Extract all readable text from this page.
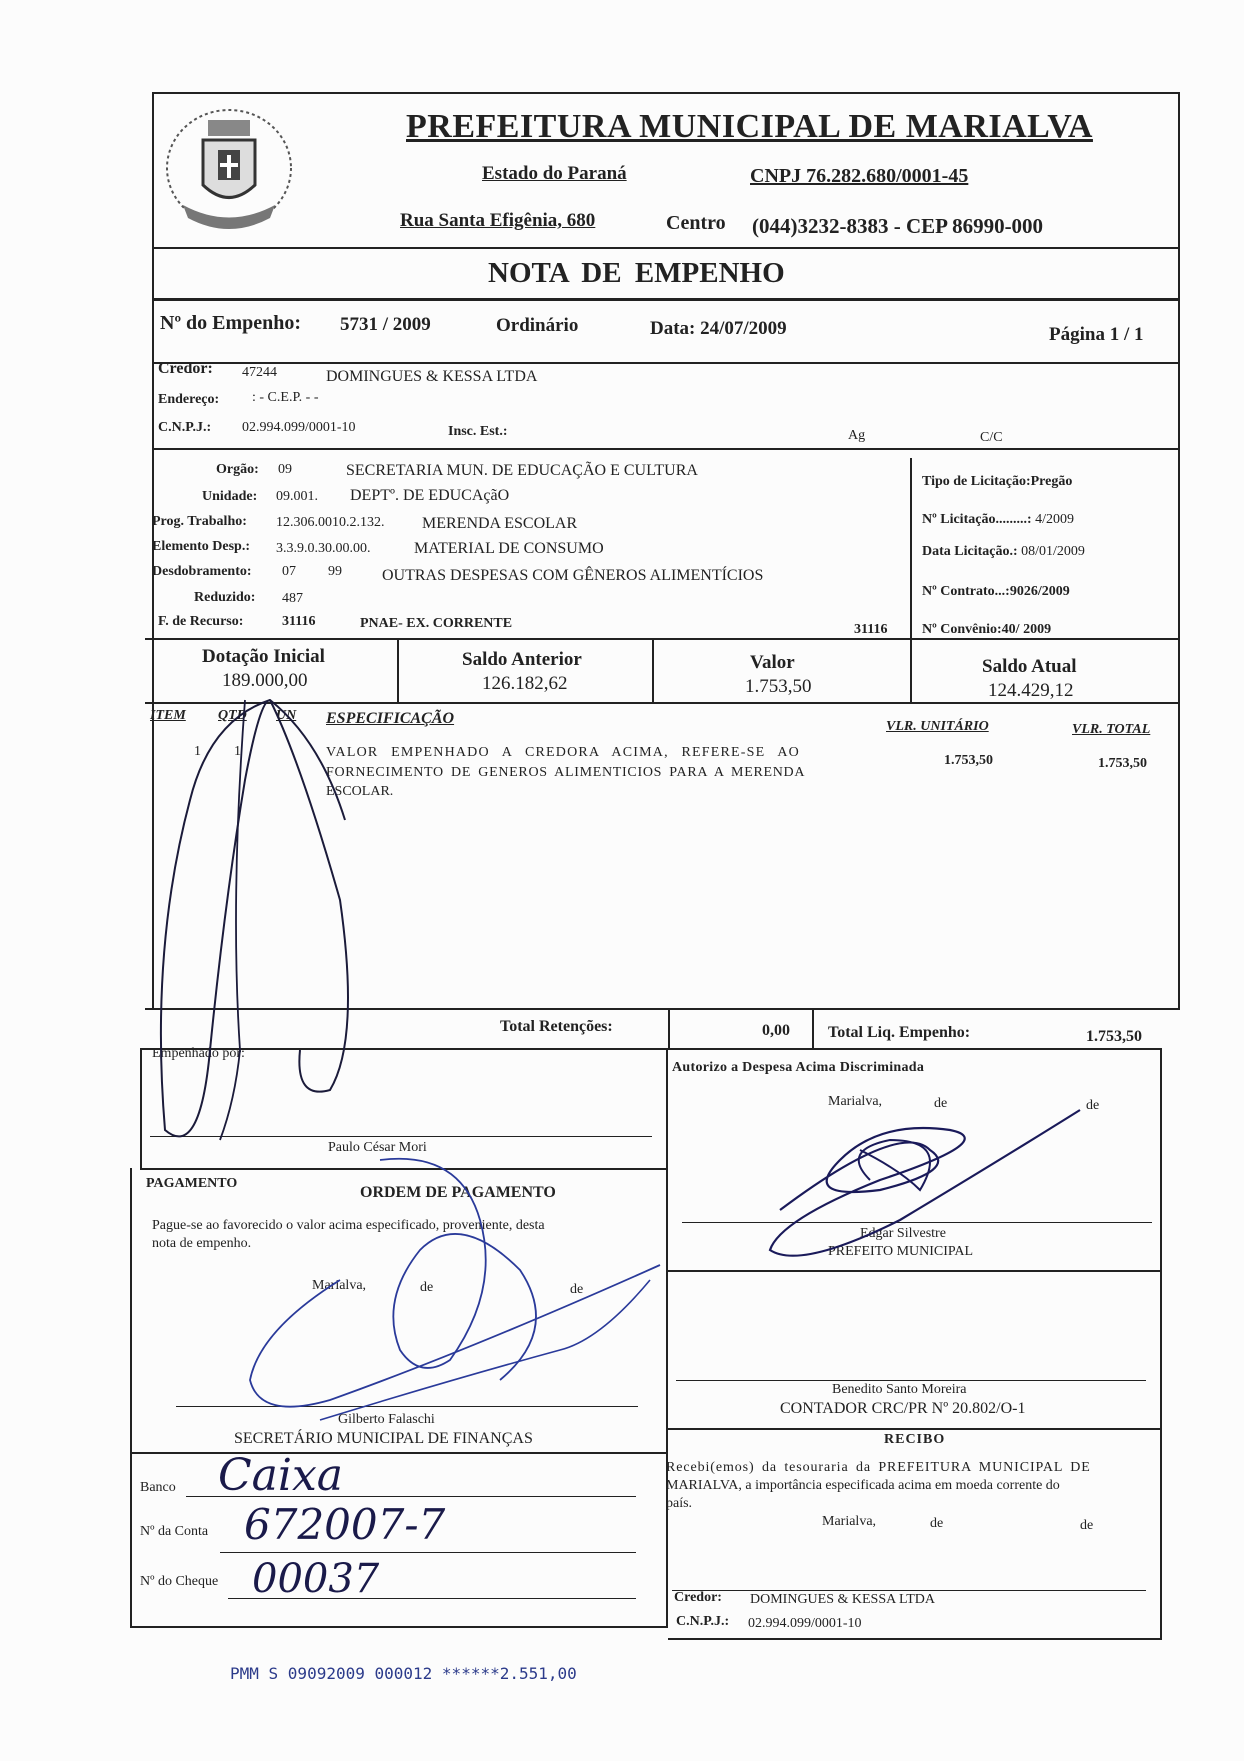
PREFEITURA MUNICIPAL DE MARIALVA
Estado do Paraná	CNPJ 76.282.680/0001-45
Rua Santa Efigênia, 680	Centro (044)3232-8383 - CEP 86990-000
NOTA DE EMPENHO
Nº do Empenho: 5731 / 2009	Ordinário	Data: 24/07/2009	Página 1 / 1
Credor: 47244	DOMINGUES & KESSA LTDA
Endereço: : - C.E.P. - -
C.N.P.J.: 02.994.099/0001-10	Insc. Est.:	Ag	C/C
Orgão: 09	SECRETARIA MUN. DE EDUCAÇÃO E CULTURA
Unidade: 09.001. DEPTº. DE EDUCAçãO
Prog. Trabalho: 12.306.0010.2.132. MERENDA ESCOLAR
Elemento Desp.: 3.3.9.0.30.00.00.	MATERIAL DE CONSUMO
Desdobramento: 07 99	OUTRAS DESPESAS COM GÊNEROS ALIMENTÍCIOS
Reduzido: 487
F. de Recurso:	31116	PNAE- EX. CORRENTE	31116
Tipo de Licitação:Pregão
Nº Licitação.........: 4/2009
Data Licitação.: 08/01/2009
Nº Contrato...:9026/2009
Nº Convênio:40/ 2009
Dotação Inicial
189.000,00
Saldo Anterior
126.182,62
Valor
1.753,50
Saldo Atual
124.429,12
ITEM QTD UN ESPECIFICAÇÃO	VLR. UNITÁRIO	VLR. TOTAL
1 1	VALOR EMPENHADO A CREDORA ACIMA, REFERE-SE AO
FORNECIMENTO DE GENEROS ALIMENTICIOS PARA A MERENDA
ESCOLAR.
1.753,50	1.753,50
Total Retenções:	0,00 Total Liq. Empenho:	1.753,50
Empenhado por:
Paulo César Mori
Autorizo a Despesa Acima Discriminada
Marialva,	de	de
Edgar Silvestre
PREFEITO MUNICIPAL
Benedito Santo Moreira
CONTADOR CRC/PR Nº 20.802/O-1
PAGAMENTO
ORDEM DE PAGAMENTO
Pague-se ao favorecido o valor acima especificado, proveniente, desta
nota de empenho.
Marialva,	de	de
Gilberto Falaschi
SECRETÁRIO MUNICIPAL DE FINANÇAS
Banco Caixa
Nº da Conta 672007-7
Nº do Cheque 00037
RECIBO
Recebi(emos) da tesouraria da PREFEITURA MUNICIPAL DE
MARIALVA, a importância especificada acima em moeda corrente do
país.
Marialva,	de	de
Credor: DOMINGUES & KESSA LTDA
C.N.P.J.: 02.994.099/0001-10
PMM S 09092009 000012 ******2.551,00
